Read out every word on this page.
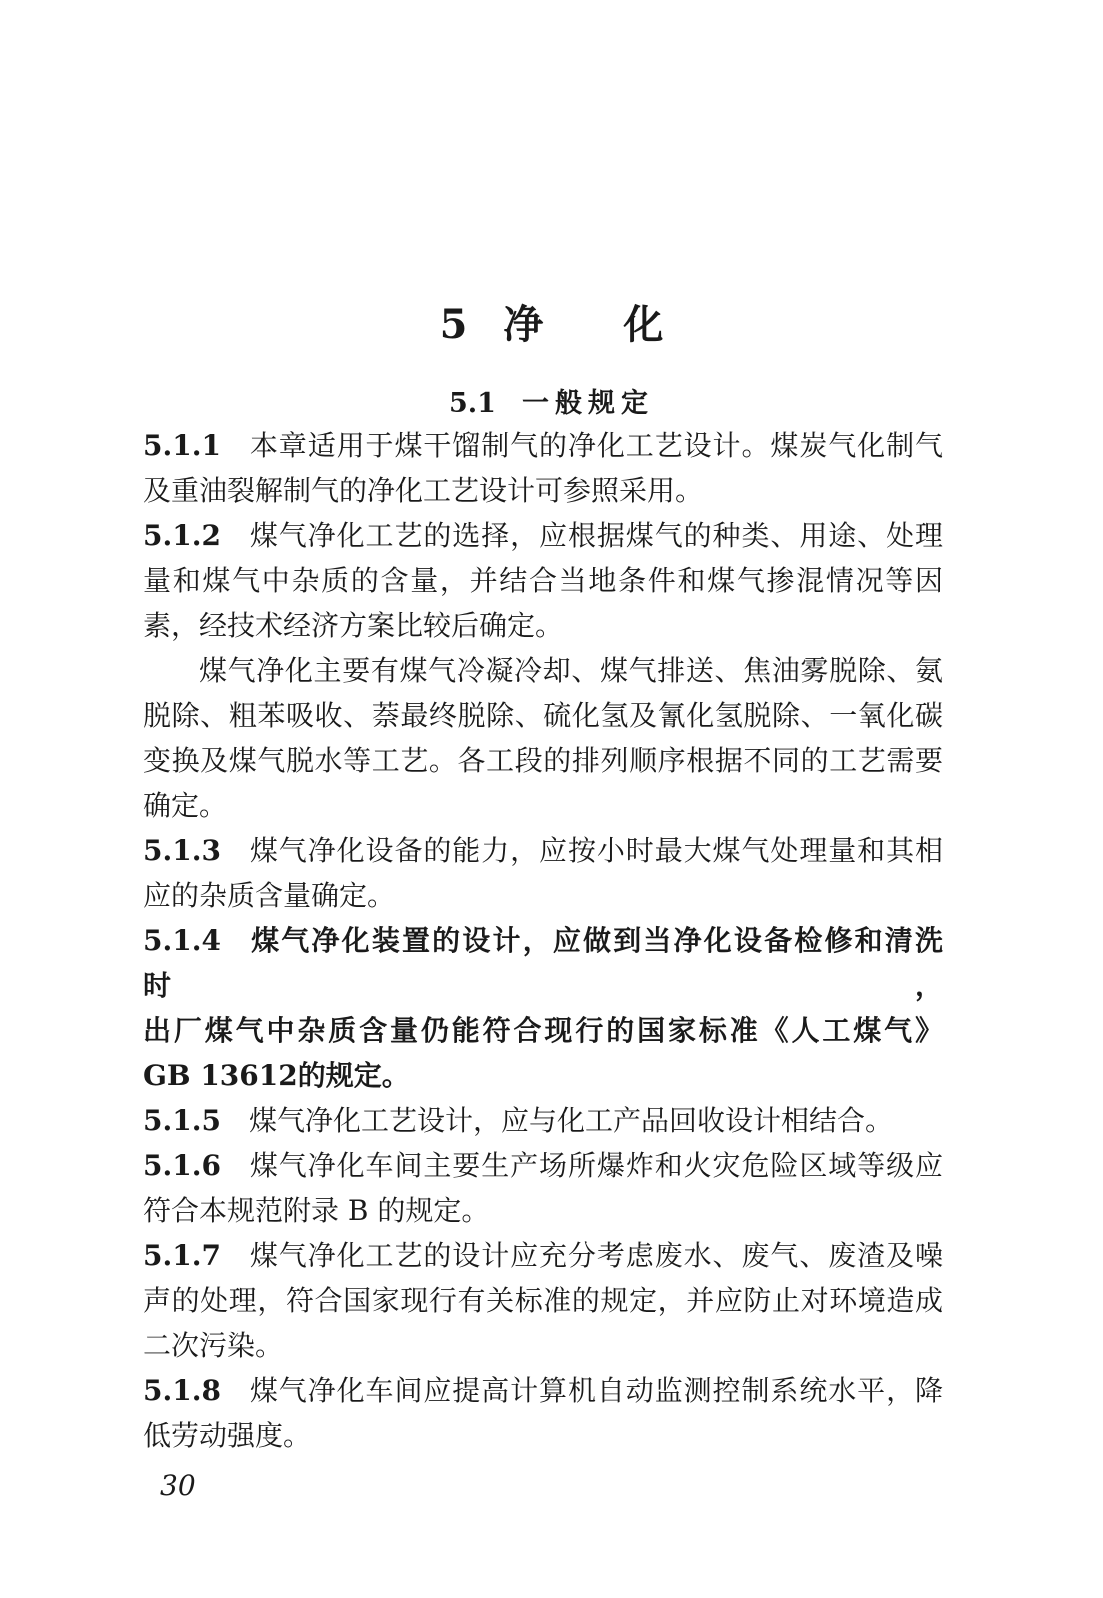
5 净 化
5.1 一般规定

5.1.1 本章适用于煤干馏制气的净化工艺设计。煤炭气化制气
及重油裂解制气的净化工艺设计可参照采用。

5.1.2 煤气净化工艺的选择，应根据煤气的种类、用途、处理
量和煤气中杂质的含量，并结合当地条件和煤气掺混情况等因
素，经技术经济方案比较后确定。

煤气净化主要有煤气冷凝冷却、煤气排送、焦油雾脱除、氨
脱除、粗苯吸收、萘最终脱除、硫化氢及氰化氢脱除、一氧化碳
变换及煤气脱水等工艺。各工段的排列顺序根据不同的工艺需要
确定。

5.1.3 煤气净化设备的能力，应按小时最大煤气处理量和其相
应的杂质含量确定。

5.1.4 煤气净化装置的设计，应做到当净化设备检修和清洗时，
出厂煤气中杂质含量仍能符合现行的国家标准《人工煤气》
GB 13612的规定。

5.1.5 煤气净化工艺设计，应与化工产品回收设计相结合。

5.1.6 煤气净化车间主要生产场所爆炸和火灾危险区域等级应
符合本规范附录 B 的规定。

5.1.7 煤气净化工艺的设计应充分考虑废水、废气、废渣及噪
声的处理，符合国家现行有关标准的规定，并应防止对环境造成
二次污染。

5.1.8 煤气净化车间应提高计算机自动监测控制系统水平，降
低劳动强度。

30
